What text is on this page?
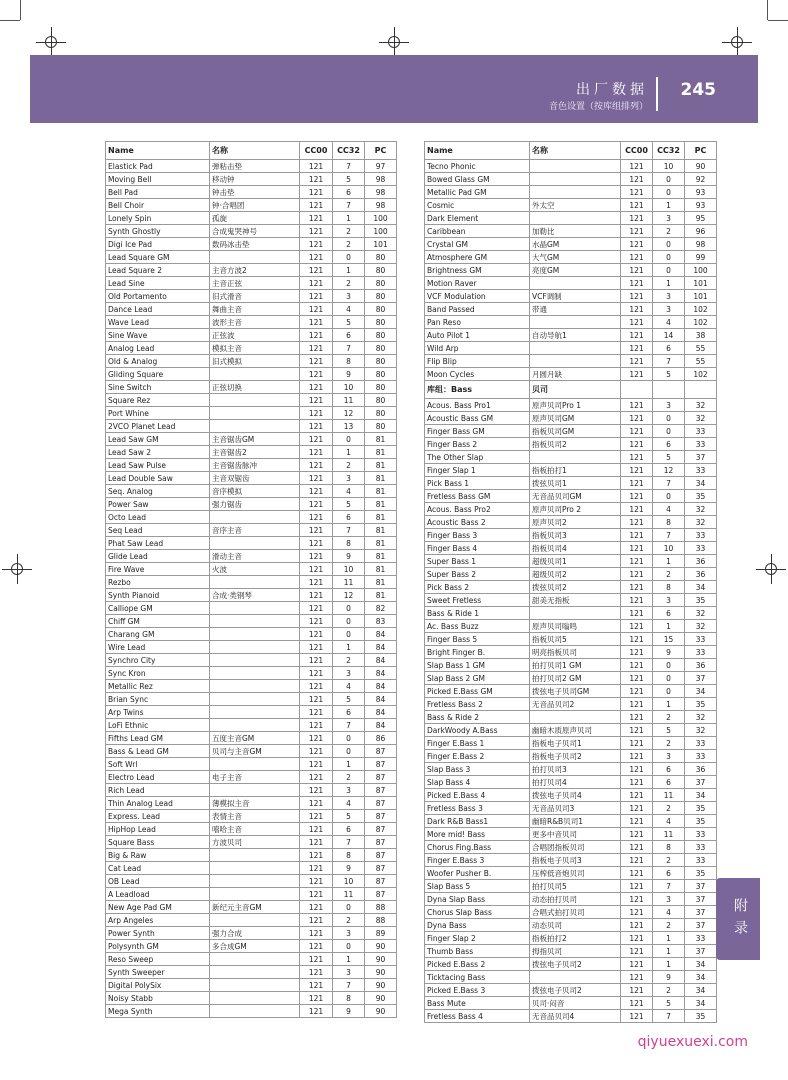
出厂数据
音色设置（按库组排列）
245
Name	名称	CC00	CC32	PC
Elastick Pad	弹粘击垫	121	7	97
Moving Bell	移动钟	121	5	98
Bell Pad	钟击垫	121	6	98
Bell Choir	钟·合唱团	121	7	98
Lonely Spin	孤旋	121	1	100
Synth Ghostly	合成鬼哭神号	121	2	100
Digi Ice Pad	数码冰击垫	121	2	101
Lead Square GM		121	0	80
Lead Square 2	主音方波2	121	1	80
Lead Sine	主音正弦	121	2	80
Old Portamento	旧式滑音	121	3	80
Dance Lead	舞曲主音	121	4	80
Wave Lead	波形主音	121	5	80
Sine Wave	正弦波	121	6	80
Analog Lead	模拟主音	121	7	80
Old & Analog	旧式模拟	121	8	80
Gliding Square		121	9	80
Sine Switch	正弦切换	121	10	80
Square Rez		121	11	80
Port Whine		121	12	80
2VCO Planet Lead		121	13	80
Lead Saw GM	主音锯齿GM	121	0	81
Lead Saw 2	主音锯齿2	121	1	81
Lead Saw Pulse	主音锯齿脉冲	121	2	81
Lead Double Saw	主音双锯齿	121	3	81
Seq. Analog	音序模拟	121	4	81
Power Saw	强力锯齿	121	5	81
Octo Lead		121	6	81
Seq Lead	音序主音	121	7	81
Phat Saw Lead		121	8	81
Glide Lead	滑动主音	121	9	81
Fire Wave	火波	121	10	81
Rezbo		121	11	81
Synth Pianoid	合成·类钢琴	121	12	81
Calliope GM		121	0	82
Chiff GM		121	0	83
Charang GM		121	0	84
Wire Lead		121	1	84
Synchro City		121	2	84
Sync Kron		121	3	84
Metallic Rez		121	4	84
Brian Sync		121	5	84
Arp Twins		121	6	84
LoFi Ethnic		121	7	84
Fifths Lead GM	五度主音GM	121	0	86
Bass & Lead GM	贝司与主音GM	121	0	87
Soft Wrl		121	1	87
Electro Lead	电子主音	121	2	87
Rich Lead		121	3	87
Thin Analog Lead	薄模拟主音	121	4	87
Express. Lead	表情主音	121	5	87
HipHop Lead	嘻哈主音	121	6	87
Square Bass	方波贝司	121	7	87
Big & Raw		121	8	87
Cat Lead		121	9	87
OB Lead		121	10	87
A Leadload		121	11	87
New Age Pad GM	新纪元主音GM	121	0	88
Arp Angeles		121	2	88
Power Synth	强力合成	121	3	89
Polysynth GM	多合成GM	121	0	90
Reso Sweep		121	1	90
Synth Sweeper		121	3	90
Digital PolySix		121	7	90
Noisy Stabb		121	8	90
Mega Synth		121	9	90
Name	名称	CC00	CC32	PC
Tecno Phonic		121	10	90
Bowed Glass GM		121	0	92
Metallic Pad GM		121	0	93
Cosmic	外太空	121	1	93
Dark Element		121	3	95
Caribbean	加勒比	121	2	96
Crystal GM	水晶GM	121	0	98
Atmosphere GM	大气GM	121	0	99
Brightness GM	亮度GM	121	0	100
Motion Raver		121	1	101
VCF Modulation	VCF调制	121	3	101
Band Passed	带通	121	3	102
Pan Reso		121	4	102
Auto Pilot 1	自动导航1	121	14	38
Wild Arp		121	6	55
Flip Blip		121	7	55
Moon Cycles	月圆月缺	121	5	102
库组：Bass	贝司			
Acous. Bass Pro1	原声贝司Pro 1	121	3	32
Acoustic Bass GM	原声贝司GM	121	0	32
Finger Bass GM	指板贝司GM	121	0	33
Finger Bass 2	指板贝司2	121	6	33
The Other Slap		121	5	37
Finger Slap 1	指板拍打1	121	12	33
Pick Bass 1	拨弦贝司1	121	7	34
Fretless Bass GM	无音品贝司GM	121	0	35
Acous. Bass Pro2	原声贝司Pro 2	121	4	32
Acoustic Bass 2	原声贝司2	121	8	32
Finger Bass 3	指板贝司3	121	7	33
Finger Bass 4	指板贝司4	121	10	33
Super Bass 1	超级贝司1	121	1	36
Super Bass 2	超级贝司2	121	2	36
Pick Bass 2	拨弦贝司2	121	8	34
Sweet Fretless	甜美无指板	121	3	35
Bass & Ride 1		121	6	32
Ac. Bass Buzz	原声贝司嗡鸣	121	1	32
Finger Bass 5	指板贝司5	121	15	33
Bright Finger B.	明亮指板贝司	121	9	33
Slap Bass 1 GM	拍打贝司1 GM	121	0	36
Slap Bass 2 GM	拍打贝司2 GM	121	0	37
Picked E.Bass GM	拨弦电子贝司GM	121	0	34
Fretless Bass 2	无音品贝司2	121	1	35
Bass & Ride 2		121	2	32
DarkWoody A.Bass	幽暗木质原声贝司	121	5	32
Finger E.Bass 1	指板电子贝司1	121	2	33
Finger E.Bass 2	指板电子贝司2	121	3	33
Slap Bass 3	拍打贝司3	121	6	36
Slap Bass 4	拍打贝司4	121	6	37
Picked E.Bass 4	拨弦电子贝司4	121	11	34
Fretless Bass 3	无音品贝司3	121	2	35
Dark R&B Bass1	幽暗R&B贝司1	121	4	35
More mid! Bass	更多中音贝司	121	11	33
Chorus Fing.Bass	合唱团指板贝司	121	8	33
Finger E.Bass 3	指板电子贝司3	121	2	33
Woofer Pusher B.	压榨低音炮贝司	121	6	35
Slap Bass 5	拍打贝司5	121	7	37
Dyna Slap Bass	动态拍打贝司	121	3	37
Chorus Slap Bass	合唱式拍打贝司	121	4	37
Dyna Bass	动态贝司	121	2	37
Finger Slap 2	指板拍打2	121	1	33
Thumb Bass	拇指贝司	121	1	37
Picked E.Bass 2	拨弦电子贝司2	121	1	34
Ticktacing Bass		121	9	34
Picked E.Bass 3	拨弦电子贝司2	121	2	34
Bass Mute	贝司·闷音	121	5	34
Fretless Bass 4	无音品贝司4	121	7	35
附录
qiyuexuexi.com
